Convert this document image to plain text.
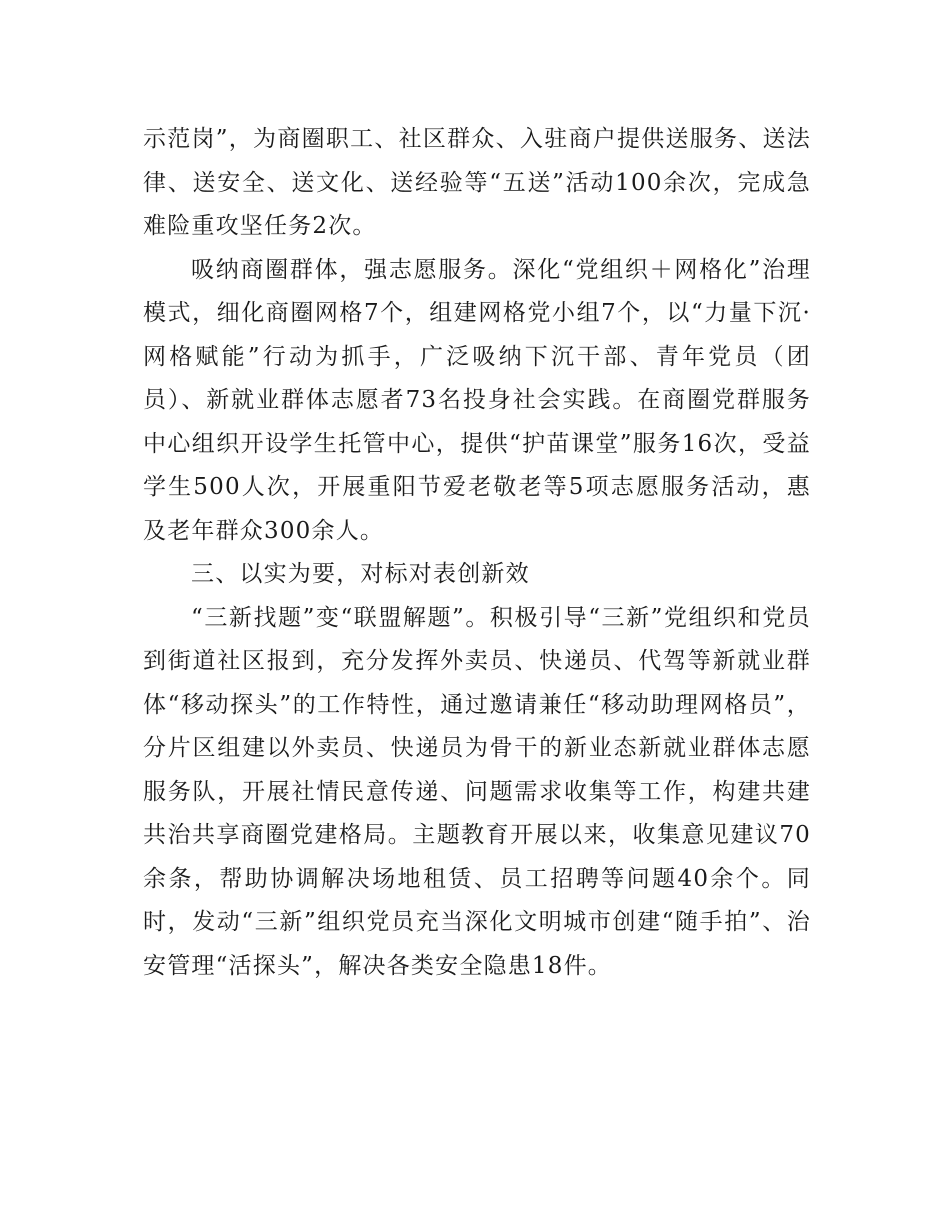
示范岗”，为商圈职工、社区群众、入驻商户提供送服务、送法律、送安全、送文化、送经验等“五送”活动100余次，完成急难险重攻坚任务2次。

吸纳商圈群体，强志愿服务。深化“党组织＋网格化”治理模式，细化商圈网格7个，组建网格党小组7个，以“力量下沉·网格赋能”行动为抓手，广泛吸纳下沉干部、青年党员（团员）、新就业群体志愿者73名投身社会实践。在商圈党群服务中心组织开设学生托管中心，提供“护苗课堂”服务16次，受益学生500人次，开展重阳节爱老敬老等5项志愿服务活动，惠及老年群众300余人。

三、以实为要，对标对表创新效

“三新找题”变“联盟解题”。积极引导“三新”党组织和党员到街道社区报到，充分发挥外卖员、快递员、代驾等新就业群体“移动探头”的工作特性，通过邀请兼任“移动助理网格员”，分片区组建以外卖员、快递员为骨干的新业态新就业群体志愿服务队，开展社情民意传递、问题需求收集等工作，构建共建共治共享商圈党建格局。主题教育开展以来，收集意见建议70余条，帮助协调解决场地租赁、员工招聘等问题40余个。同时，发动“三新”组织党员充当深化文明城市创建“随手拍”、治安管理“活探头”，解决各类安全隐患18件。
